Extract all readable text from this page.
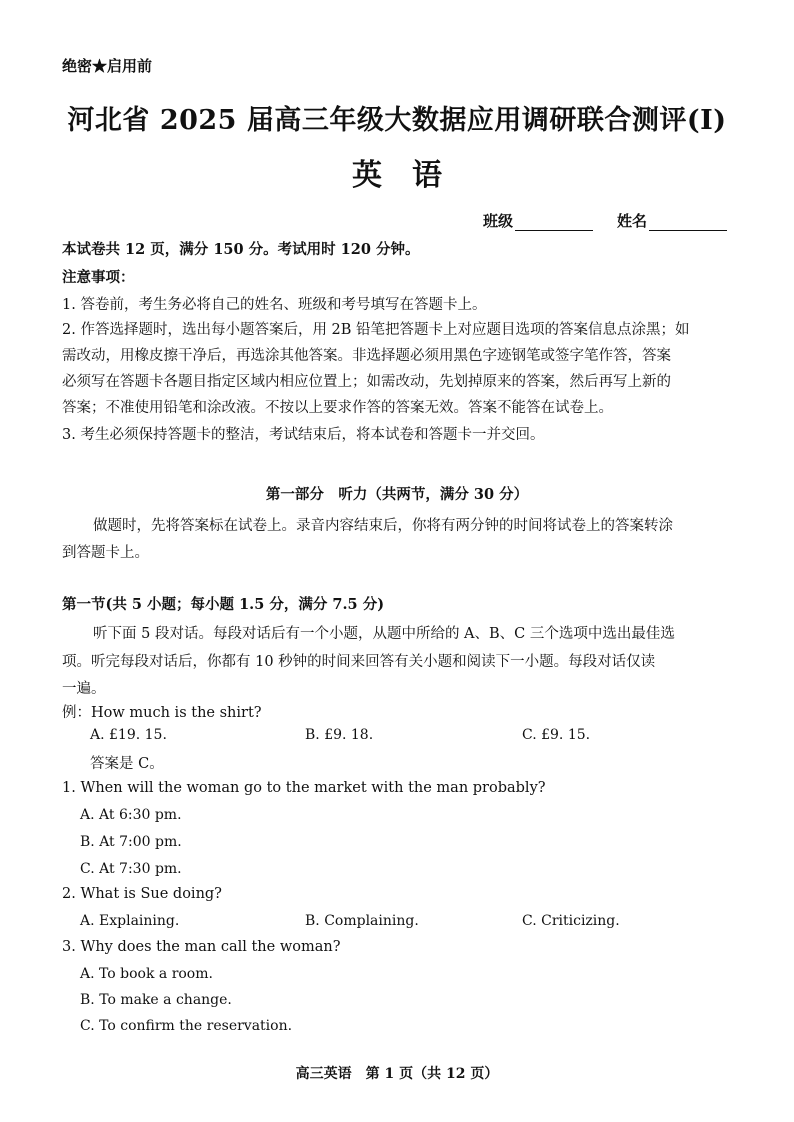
绝密★启用前
河北省 2025 届高三年级大数据应用调研联合测评(Ⅰ)
英　语
班级	姓名
本试卷共 12 页，满分 150 分。考试用时 120 分钟。
注意事项：
1. 答卷前，考生务必将自己的姓名、班级和考号填写在答题卡上。
2. 作答选择题时，选出每小题答案后，用 2B 铅笔把答题卡上对应题目选项的答案信息点涂黑；如
需改动，用橡皮擦干净后，再选涂其他答案。非选择题必须用黑色字迹钢笔或签字笔作答，答案
必须写在答题卡各题目指定区域内相应位置上；如需改动，先划掉原来的答案，然后再写上新的
答案；不准使用铅笔和涂改液。不按以上要求作答的答案无效。答案不能答在试卷上。
3. 考生必须保持答题卡的整洁，考试结束后，将本试卷和答题卡一并交回。
第一部分　听力（共两节，满分 30 分）
做题时，先将答案标在试卷上。录音内容结束后，你将有两分钟的时间将试卷上的答案转涂
到答题卡上。
第一节(共 5 小题；每小题 1.5 分，满分 7.5 分)
听下面 5 段对话。每段对话后有一个小题，从题中所给的 A、B、C 三个选项中选出最佳选
项。听完每段对话后，你都有 10 秒钟的时间来回答有关小题和阅读下一小题。每段对话仅读
一遍。
例：How much is the shirt?
A. £19. 15.	B. £9. 18.	C. £9. 15.
答案是 C。
1. When will the woman go to the market with the man probably?
A. At 6:30 pm.
B. At 7:00 pm.
C. At 7:30 pm.
2. What is Sue doing?
A. Explaining.	B. Complaining.	C. Criticizing.
3. Why does the man call the woman?
A. To book a room.
B. To make a change.
C. To confirm the reservation.
高三英语　第 1 页（共 12 页）
